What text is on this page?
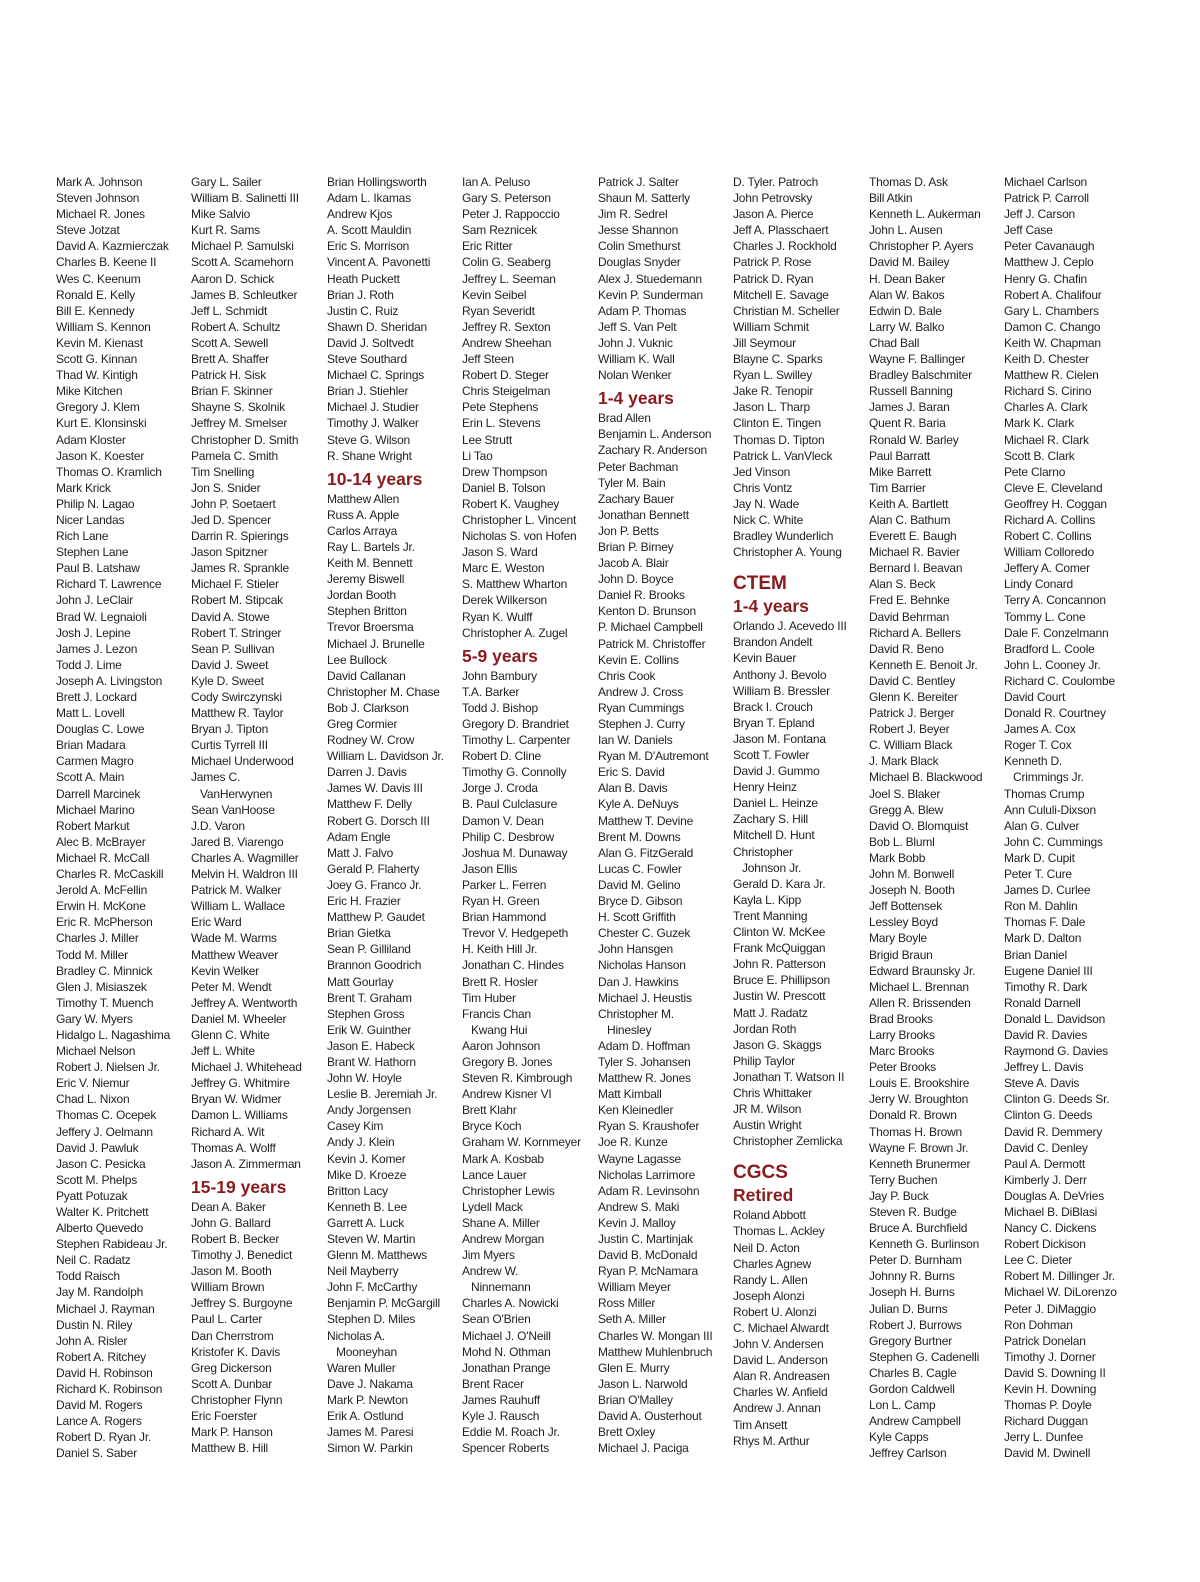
Mark A. Johnson
Steven Johnson
Michael R. Jones
Steve Jotzat
David A. Kazmierczak
Charles B. Keene II
Wes C. Keenum
Ronald E. Kelly
Bill E. Kennedy
William S. Kennon
Kevin M. Kienast
Scott G. Kinnan
Thad W. Kintigh
Mike Kitchen
Gregory J. Klem
Kurt E. Klonsinski
Adam Kloster
Jason K. Koester
Thomas O. Kramlich
Mark Krick
Philip N. Lagao
Nicer Landas
Rich Lane
Stephen Lane
Paul B. Latshaw
Richard T. Lawrence
John J. LeClair
Brad W. Legnaioli
Josh J. Lepine
James J. Lezon
Todd J. Lime
Joseph A. Livingston
Brett J. Lockard
Matt L. Lovell
Douglas C. Lowe
Brian Madara
Carmen Magro
Scott A. Main
Darrell Marcinek
Michael Marino
Robert Markut
Alec B. McBrayer
Michael R. McCall
Charles R. McCaskill
Jerold A. McFellin
Erwin H. McKone
Eric R. McPherson
Charles J. Miller
Todd M. Miller
Bradley C. Minnick
Glen J. Misiaszek
Timothy T. Muench
Gary W. Myers
Hidalgo L. Nagashima
Michael Nelson
Robert J. Nielsen Jr.
Eric V. Niemur
Chad L. Nixon
Thomas C. Ocepek
Jeffery J. Oelmann
David J. Pawluk
Jason C. Pesicka
Scott M. Phelps
Pyatt Potuzak
Walter K. Pritchett
Alberto Quevedo
Stephen Rabideau Jr.
Neil C. Radatz
Todd Raisch
Jay M. Randolph
Michael J. Rayman
Dustin N. Riley
John A. Risler
Robert A. Ritchey
David H. Robinson
Richard K. Robinson
David M. Rogers
Lance A. Rogers
Robert D. Ryan Jr.
Daniel S. Saber
Gary L. Sailer
William B. Salinetti III
Mike Salvio
Kurt R. Sams
Michael P. Samulski
Scott A. Scamehorn
Aaron D. Schick
James B. Schleutker
Jeff L. Schmidt
Robert A. Schultz
Scott A. Sewell
Brett A. Shaffer
Patrick H. Sisk
Brian F. Skinner
Shayne S. Skolnik
Jeffrey M. Smelser
Christopher D. Smith
Pamela C. Smith
Tim Snelling
Jon S. Snider
John P. Soetaert
Jed D. Spencer
Darrin R. Spierings
Jason Spitzner
James R. Sprankle
Michael F. Stieler
Robert M. Stipcak
David A. Stowe
Robert T. Stringer
Sean P. Sullivan
David J. Sweet
Kyle D. Sweet
Cody Swirczynski
Matthew R. Taylor
Bryan J. Tipton
Curtis Tyrrell III
Michael Underwood
James C.
VanHerwynen
Sean VanHoose
J.D. Varon
Jared B. Viarengo
Charles A. Wagmiller
Melvin H. Waldron III
Patrick M. Walker
William L. Wallace
Eric Ward
Wade M. Warms
Matthew Weaver
Kevin Welker
Peter M. Wendt
Jeffrey A. Wentworth
Daniel M. Wheeler
Glenn C. White
Jeff L. White
Michael J. Whitehead
Jeffrey G. Whitmire
Bryan W. Widmer
Damon L. Williams
Richard A. Wit
Thomas A. Wolff
Jason A. Zimmerman
15-19 years
Dean A. Baker
John G. Ballard
Robert B. Becker
Timothy J. Benedict
Jason M. Booth
William Brown
Jeffrey S. Burgoyne
Paul L. Carter
Dan Cherrstrom
Kristofer K. Davis
Greg Dickerson
Scott A. Dunbar
Christopher Flynn
Eric Foerster
Mark P. Hanson
Matthew B. Hill
Brian Hollingsworth
Adam L. Ikamas
Andrew Kjos
A. Scott Mauldin
Eric S. Morrison
Vincent A. Pavonetti
Heath Puckett
Brian J. Roth
Justin C. Ruiz
Shawn D. Sheridan
David J. Soltvedt
Steve Southard
Michael C. Springs
Brian J. Stiehler
Michael J. Studier
Timothy J. Walker
Steve G. Wilson
R. Shane Wright
10-14 years
Matthew Allen
Russ A. Apple
Carlos Arraya
Ray L. Bartels Jr.
Keith M. Bennett
Jeremy Biswell
Jordan Booth
Stephen Britton
Trevor Broersma
Michael J. Brunelle
Lee Bullock
David Callanan
Christopher M. Chase
Bob J. Clarkson
Greg Cormier
Rodney W. Crow
William L. Davidson Jr.
Darren J. Davis
James W. Davis III
Matthew F. Delly
Robert G. Dorsch III
Adam Engle
Matt J. Falvo
Gerald P. Flaherty
Joey G. Franco Jr.
Eric H. Frazier
Matthew P. Gaudet
Brian Gietka
Sean P. Gilliland
Brannon Goodrich
Matt Gourlay
Brent T. Graham
Stephen Gross
Erik W. Guinther
Jason E. Habeck
Brant W. Hathorn
John W. Hoyle
Leslie B. Jeremiah Jr.
Andy Jorgensen
Casey Kim
Andy J. Klein
Kevin J. Komer
Mike D. Kroeze
Britton Lacy
Kenneth B. Lee
Garrett A. Luck
Steven W. Martin
Glenn M. Matthews
Neil Mayberry
John F. McCarthy
Benjamin P. McGargill
Stephen D. Miles
Nicholas A.
Mooneyhan
Waren Muller
Dave J. Nakama
Mark P. Newton
Erik A. Ostlund
James M. Paresi
Simon W. Parkin
Ian A. Peluso
Gary S. Peterson
Peter J. Rappoccio
Sam Reznicek
Eric Ritter
Colin G. Seaberg
Jeffrey L. Seeman
Kevin Seibel
Ryan Severidt
Jeffrey R. Sexton
Andrew Sheehan
Jeff Steen
Robert D. Steger
Chris Steigelman
Pete Stephens
Erin L. Stevens
Lee Strutt
Li Tao
Drew Thompson
Daniel B. Tolson
Robert K. Vaughey
Christopher L. Vincent
Nicholas S. von Hofen
Jason S. Ward
Marc E. Weston
S. Matthew Wharton
Derek Wilkerson
Ryan K. Wulff
Christopher A. Zugel
5-9 years
John Bambury
T.A. Barker
Todd J. Bishop
Gregory D. Brandriet
Timothy L. Carpenter
Robert D. Cline
Timothy G. Connolly
Jorge J. Croda
B. Paul Culclasure
Damon V. Dean
Philip C. Desbrow
Joshua M. Dunaway
Jason Ellis
Parker L. Ferren
Ryan H. Green
Brian Hammond
Trevor V. Hedgepeth
H. Keith Hill Jr.
Jonathan C. Hindes
Brett R. Hosler
Tim Huber
Francis Chan
Kwang Hui
Aaron Johnson
Gregory B. Jones
Steven R. Kimbrough
Andrew Kisner VI
Brett Klahr
Bryce Koch
Graham W. Kornmeyer
Mark A. Kosbab
Lance Lauer
Christopher Lewis
Lydell Mack
Shane A. Miller
Andrew Morgan
Jim Myers
Andrew W.
Ninnemann
Charles A. Nowicki
Sean O'Brien
Michael J. O'Neill
Mohd N. Othman
Jonathan Prange
Brent Racer
James Rauhuff
Kyle J. Rausch
Eddie M. Roach Jr.
Spencer Roberts
Patrick J. Salter
Shaun M. Satterly
Jim R. Sedrel
Jesse Shannon
Colin Smethurst
Douglas Snyder
Alex J. Stuedemann
Kevin P. Sunderman
Adam P. Thomas
Jeff S. Van Pelt
John J. Vuknic
William K. Wall
Nolan Wenker
1-4 years
Brad Allen
Benjamin L. Anderson
Zachary R. Anderson
Peter Bachman
Tyler M. Bain
Zachary Bauer
Jonathan Bennett
Jon P. Betts
Brian P. Birney
Jacob A. Blair
John D. Boyce
Daniel R. Brooks
Kenton D. Brunson
P. Michael Campbell
Patrick M. Christoffer
Kevin E. Collins
Chris Cook
Andrew J. Cross
Ryan Cummings
Stephen J. Curry
Ian W. Daniels
Ryan M. D'Autremont
Eric S. David
Alan B. Davis
Kyle A. DeNuys
Matthew T. Devine
Brent M. Downs
Alan G. FitzGerald
Lucas C. Fowler
David M. Gelino
Bryce D. Gibson
H. Scott Griffith
Chester C. Guzek
John Hansgen
Nicholas Hanson
Dan J. Hawkins
Michael J. Heustis
Christopher M.
Hinesley
Adam D. Hoffman
Tyler S. Johansen
Matthew R. Jones
Matt Kimball
Ken Kleinedler
Ryan S. Kraushofer
Joe R. Kunze
Wayne Lagasse
Nicholas Larrimore
Adam R. Levinsohn
Andrew S. Maki
Kevin J. Malloy
Justin C. Martinjak
David B. McDonald
Ryan P. McNamara
William Meyer
Ross Miller
Seth A. Miller
Charles W. Mongan III
Matthew Muhlenbruch
Glen E. Murry
Jason L. Narwold
Brian O'Malley
David A. Ousterhout
Brett Oxley
Michael J. Paciga
D. Tyler. Patroch
John Petrovsky
Jason A. Pierce
Jeff A. Plasschaert
Charles J. Rockhold
Patrick P. Rose
Patrick D. Ryan
Mitchell E. Savage
Christian M. Scheller
William Schmit
Jill Seymour
Blayne C. Sparks
Ryan L. Swilley
Jake R. Tenopir
Jason L. Tharp
Clinton E. Tingen
Thomas D. Tipton
Patrick L. VanVleck
Jed Vinson
Chris Vontz
Jay N. Wade
Nick C. White
Bradley Wunderlich
Christopher A. Young
CTEM
1-4 years
Orlando J. Acevedo III
Brandon Andelt
Kevin Bauer
Anthony J. Bevolo
William B. Bressler
Brack I. Crouch
Bryan T. Epland
Jason M. Fontana
Scott T. Fowler
David J. Gummo
Henry Heinz
Daniel L. Heinze
Zachary S. Hill
Mitchell D. Hunt
Christopher
Johnson Jr.
Gerald D. Kara Jr.
Kayla L. Kipp
Trent Manning
Clinton W. McKee
Frank McQuiggan
John R. Patterson
Bruce E. Phillipson
Justin W. Prescott
Matt J. Radatz
Jordan Roth
Jason G. Skaggs
Philip Taylor
Jonathan T. Watson II
Chris Whittaker
JR M. Wilson
Austin Wright
Christopher Zemlicka
CGCS
Retired
Roland Abbott
Thomas L. Ackley
Neil D. Acton
Charles Agnew
Randy L. Allen
Joseph Alonzi
Robert U. Alonzi
C. Michael Alwardt
John V. Andersen
David L. Anderson
Alan R. Andreasen
Charles W. Anfield
Andrew J. Annan
Tim Ansett
Rhys M. Arthur
Thomas D. Ask
Bill Atkin
Kenneth L. Aukerman
John L. Ausen
Christopher P. Ayers
David M. Bailey
H. Dean Baker
Alan W. Bakos
Edwin D. Bale
Larry W. Balko
Chad Ball
Wayne F. Ballinger
Bradley Balschmiter
Russell Banning
James J. Baran
Quent R. Baria
Ronald W. Barley
Paul Barratt
Mike Barrett
Tim Barrier
Keith A. Bartlett
Alan C. Bathum
Everett E. Baugh
Michael R. Bavier
Bernard I. Beavan
Alan S. Beck
Fred E. Behnke
David Behrman
Richard A. Bellers
David R. Beno
Kenneth E. Benoit Jr.
David C. Bentley
Glenn K. Bereiter
Patrick J. Berger
Robert J. Beyer
C. William Black
J. Mark Black
Michael B. Blackwood
Joel S. Blaker
Gregg A. Blew
David O. Blomquist
Bob L. Bluml
Mark Bobb
John M. Bonwell
Joseph N. Booth
Jeff Bottensek
Lessley Boyd
Mary Boyle
Brigid Braun
Edward Braunsky Jr.
Michael L. Brennan
Allen R. Brissenden
Brad Brooks
Larry Brooks
Marc Brooks
Peter Brooks
Louis E. Brookshire
Jerry W. Broughton
Donald R. Brown
Thomas H. Brown
Wayne F. Brown Jr.
Kenneth Brunermer
Terry Buchen
Jay P. Buck
Steven R. Budge
Bruce A. Burchfield
Kenneth G. Burlinson
Peter D. Burnham
Johnny R. Burns
Joseph H. Burns
Julian D. Burns
Robert J. Burrows
Gregory Burtner
Stephen G. Cadenelli
Charles B. Cagle
Gordon Caldwell
Lon L. Camp
Andrew Campbell
Kyle Capps
Jeffrey Carlson
Michael Carlson
Patrick P. Carroll
Jeff J. Carson
Jeff Case
Peter Cavanaugh
Matthew J. Ceplo
Henry G. Chafin
Robert A. Chalifour
Gary L. Chambers
Damon C. Chango
Keith W. Chapman
Keith D. Chester
Matthew R. Cielen
Richard S. Cirino
Charles A. Clark
Mark K. Clark
Michael R. Clark
Scott B. Clark
Pete Clarno
Cleve E. Cleveland
Geoffrey H. Coggan
Richard A. Collins
Robert C. Collins
William Colloredo
Jeffery A. Comer
Lindy Conard
Terry A. Concannon
Tommy L. Cone
Dale F. Conzelmann
Bradford L. Coole
John L. Cooney Jr.
Richard C. Coulombe
David Court
Donald R. Courtney
James A. Cox
Roger T. Cox
Kenneth D.
Crimmings Jr.
Thomas Crump
Ann Cululi-Dixson
Alan G. Culver
John C. Cummings
Mark D. Cupit
Peter T. Cure
James D. Curlee
Ron M. Dahlin
Thomas F. Dale
Mark D. Dalton
Brian Daniel
Eugene Daniel III
Timothy R. Dark
Ronald Darnell
Donald L. Davidson
David R. Davies
Raymond G. Davies
Jeffrey L. Davis
Steve A. Davis
Clinton G. Deeds Sr.
Clinton G. Deeds
David R. Demmery
David C. Denley
Paul A. Dermott
Kimberly J. Derr
Douglas A. DeVries
Michael B. DiBlasi
Nancy C. Dickens
Robert Dickison
Lee C. Dieter
Robert M. Dillinger Jr.
Michael W. DiLorenzo
Peter J. DiMaggio
Ron Dohman
Patrick Donelan
Timothy J. Dorner
David S. Downing II
Kevin H. Downing
Thomas P. Doyle
Richard Duggan
Jerry L. Dunfee
David M. Dwinell
